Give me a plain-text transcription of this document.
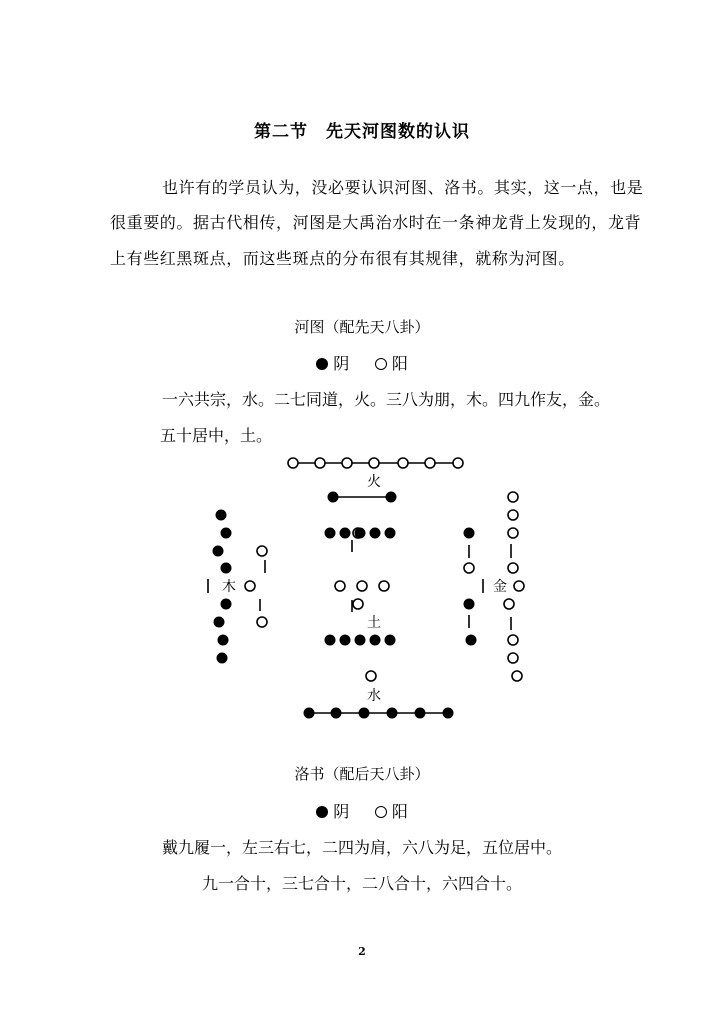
第二节　先天河图数的认识
也许有的学员认为，没必要认识河图、洛书。其实，这一点，也是
很重要的。据古代相传，河图是大禹治水时在一条神龙背上发现的，龙背
上有些红黑斑点，而这些斑点的分布很有其规律，就称为河图。
河图（配先天八卦）
阴	阳
一六共宗，水。二七同道，火。三八为朋，木。四九作友，金。
五十居中，土。
火
木
土
金
水
洛书（配后天八卦）
阴	阳
戴九履一，左三右七，二四为肩，六八为足，五位居中。
九一合十，三七合十，二八合十，六四合十。
2
